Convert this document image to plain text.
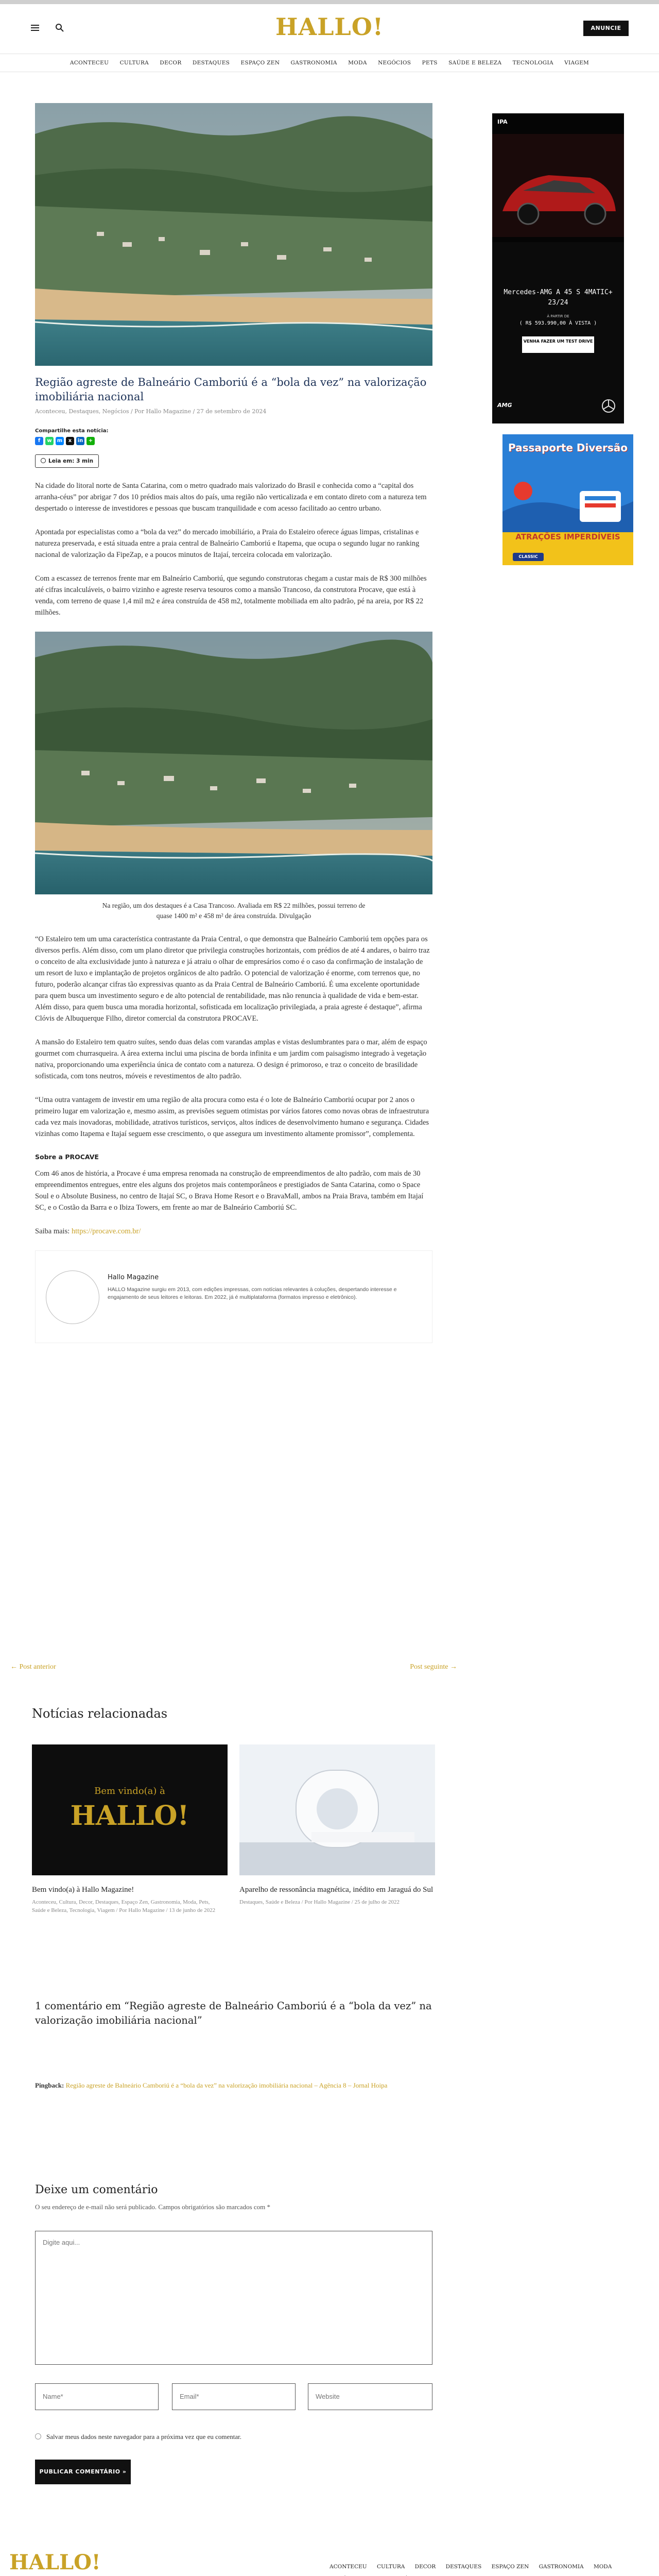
HALLO!	ANUNCIE
ACONTECEU CULTURA DECOR DESTAQUES ESPAÇO ZEN GASTRONOMIA MODA NEGÓCIOS PETS SAÚDE E BELEZA TECNOLOGIA VIAGEM
Região agreste de Balneário Camboriú é a “bola da vez” na valorização imobiliária nacional
Aconteceu, Destaques, Negócios / Por Hallo Magazine / 27 de setembro de 2024
Compartilhe esta notícia:
f	w	m	x	in	+
Leia em: 3 min

Na cidade do litoral norte de Santa Catarina, com o metro quadrado mais valorizado do Brasil e conhecida como a “capital dos arranha-céus” por abrigar 7 dos 10 prédios mais altos do país, uma região não verticalizada e em contato direto com a natureza tem despertado o interesse de investidores e pessoas que buscam tranquilidade e com acesso facilitado ao centro urbano.

Apontada por especialistas como a “bola da vez” do mercado imobiliário, a Praia do Estaleiro oferece águas limpas, cristalinas e natureza preservada, e está situada entre a praia central de Balneário Camboriú e Itapema, que ocupa o segundo lugar no ranking nacional de valorização da FipeZap, e a poucos minutos de Itajaí, terceira colocada em valorização.

Com a escassez de terrenos frente mar em Balneário Camboriú, que segundo construtoras chegam a custar mais de R$ 300 milhões até cifras incalculáveis, o bairro vizinho e agreste reserva tesouros como a mansão Trancoso, da construtora Procave, que está à venda, com terreno de quase 1,4 mil m2 e área construída de 458 m2, totalmente mobiliada em alto padrão, pé na areia, por R$ 22 milhões.

Na região, um dos destaques é a Casa Trancoso. Avaliada em R$ 22 milhões, possui terreno de quase 1400 m² e 458 m² de área construída. Divulgação

“O Estaleiro tem um uma característica contrastante da Praia Central, o que demonstra que Balneário Camboriú tem opções para os diversos perfis. Além disso, com um plano diretor que privilegia construções horizontais, com prédios de até 4 andares, o bairro traz o conceito de alta exclusividade junto à natureza e já atraiu o olhar de empresários como é o caso da confirmação de instalação de um resort de luxo e implantação de projetos orgânicos de alto padrão. O potencial de valorização é enorme, com terrenos que, no futuro, poderão alcançar cifras tão expressivas quanto as da Praia Central de Balneário Camboriú. É uma excelente oportunidade para quem busca um investimento seguro e de alto potencial de rentabilidade, mas não renuncia à qualidade de vida e bem-estar. Além disso, para quem busca uma moradia horizontal, sofisticada em localização privilegiada, a praia agreste é destaque”, afirma Clóvis de Albuquerque Filho, diretor comercial da construtora PROCAVE.

A mansão do Estaleiro tem quatro suítes, sendo duas delas com varandas amplas e vistas deslumbrantes para o mar, além de espaço gourmet com churrasqueira. A área externa inclui uma piscina de borda infinita e um jardim com paisagismo integrado à vegetação nativa, proporcionando uma experiência única de contato com a natureza. O design é primoroso, e traz o conceito de brasilidade sofisticada, com tons neutros, móveis e revestimentos de alto padrão.

“Uma outra vantagem de investir em uma região de alta procura como esta é o lote de Balneário Camboriú ocupar por 2 anos o primeiro lugar em valorização e, mesmo assim, as previsões seguem otimistas por vários fatores como novas obras de infraestrutura cada vez mais inovadoras, mobilidade, atrativos turísticos, serviços, altos índices de desenvolvimento humano e segurança. Cidades vizinhas como Itapema e Itajaí seguem esse crescimento, o que assegura um investimento altamente promissor”, complementa.

Sobre a PROCAVE

Com 46 anos de história, a Procave é uma empresa renomada na construção de empreendimentos de alto padrão, com mais de 30 empreendimentos entregues, entre eles alguns dos projetos mais contemporâneos e prestigiados de Santa Catarina, como o Space Soul e o Absolute Business, no centro de Itajaí SC, o Brava Home Resort e o BravaMall, ambos na Praia Brava, também em Itajaí SC, e o Costão da Barra e o Ibiza Towers, em frente ao mar de Balneário Camboriú SC.

Saiba mais: https://procave.com.br/

Hallo Magazine
HALLO Magazine surgiu em 2013, com edições impressas, com notícias relevantes à coluções, despertando interesse e engajamento de seus leitores e leitoras. Em 2022, já é multiplataforma (formatos impresso e eletrônico).
IPA
Mercedes-AMG A 45 S 4MATIC+
23/24
À PARTIR DE
( R$ 593.990,00 À VISTA )
VENHA FAZER UM TEST DRIVE
AMG
Passaporte Diversão
ATRAÇÕES IMPERDÍVEIS
CLASSIC
← Post anterior	Post seguinte →
Notícias relacionadas
Bem vindo(a) à
HALLO!
Bem vindo(a) à Hallo Magazine!
Aconteceu, Cultura, Decor, Destaques, Espaço Zen, Gastronomia, Moda, Pets, Saúde e Beleza, Tecnologia, Viagem / Por Hallo Magazine / 13 de junho de 2022
Aparelho de ressonância magnética, inédito em Jaraguá do Sul
Destaques, Saúde e Beleza / Por Hallo Magazine / 25 de julho de 2022
1 comentário em “Região agreste de Balneário Camboriú é a “bola da vez” na valorização imobiliária nacional”
Pingback: Região agreste de Balneário Camboriú é a “bola da vez” na valorização imobiliária nacional – Agência 8 – Jornal Hoipa
Deixe um comentário
O seu endereço de e-mail não será publicado. Campos obrigatórios são marcados com *
Digite aqui...
Name*	Email*	Website
Salvar meus dados neste navegador para a próxima vez que eu comentar.
PUBLICAR COMENTÁRIO »
HALLO!	ACONTECEU CULTURA DECOR DESTAQUES ESPAÇO ZEN GASTRONOMIA MODA
